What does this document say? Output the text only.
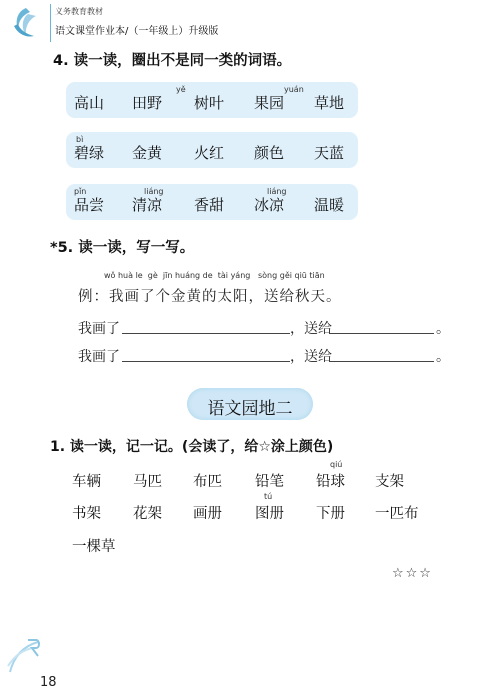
义务教育教材
语文课堂作业本/（一年级上）升级版
4. 读一读，圈出不是同一类的词语。
yě	yuán
高山 田野 树叶 果园 草地
bì
碧绿 金黄 火红 颜色 天蓝
pǐn	liáng	liáng
品尝 清凉 香甜 冰凉 温暖
*5. 读一读，写一写。
wǒ huà le  gè  jīn huáng de  tài yáng   sòng gěi qiū tiān
例：我画了个金黄的太阳，送给秋天。
我画了	，送给	。
我画了	，送给	。
语文园地二
1. 读一读，记一记。(会读了，给☆涂上颜色)
qiú
车辆 马匹 布匹 铅笔 铅球 支架
tú
书架 花架 画册 图册 下册 一匹布
一棵草
☆☆☆
18
